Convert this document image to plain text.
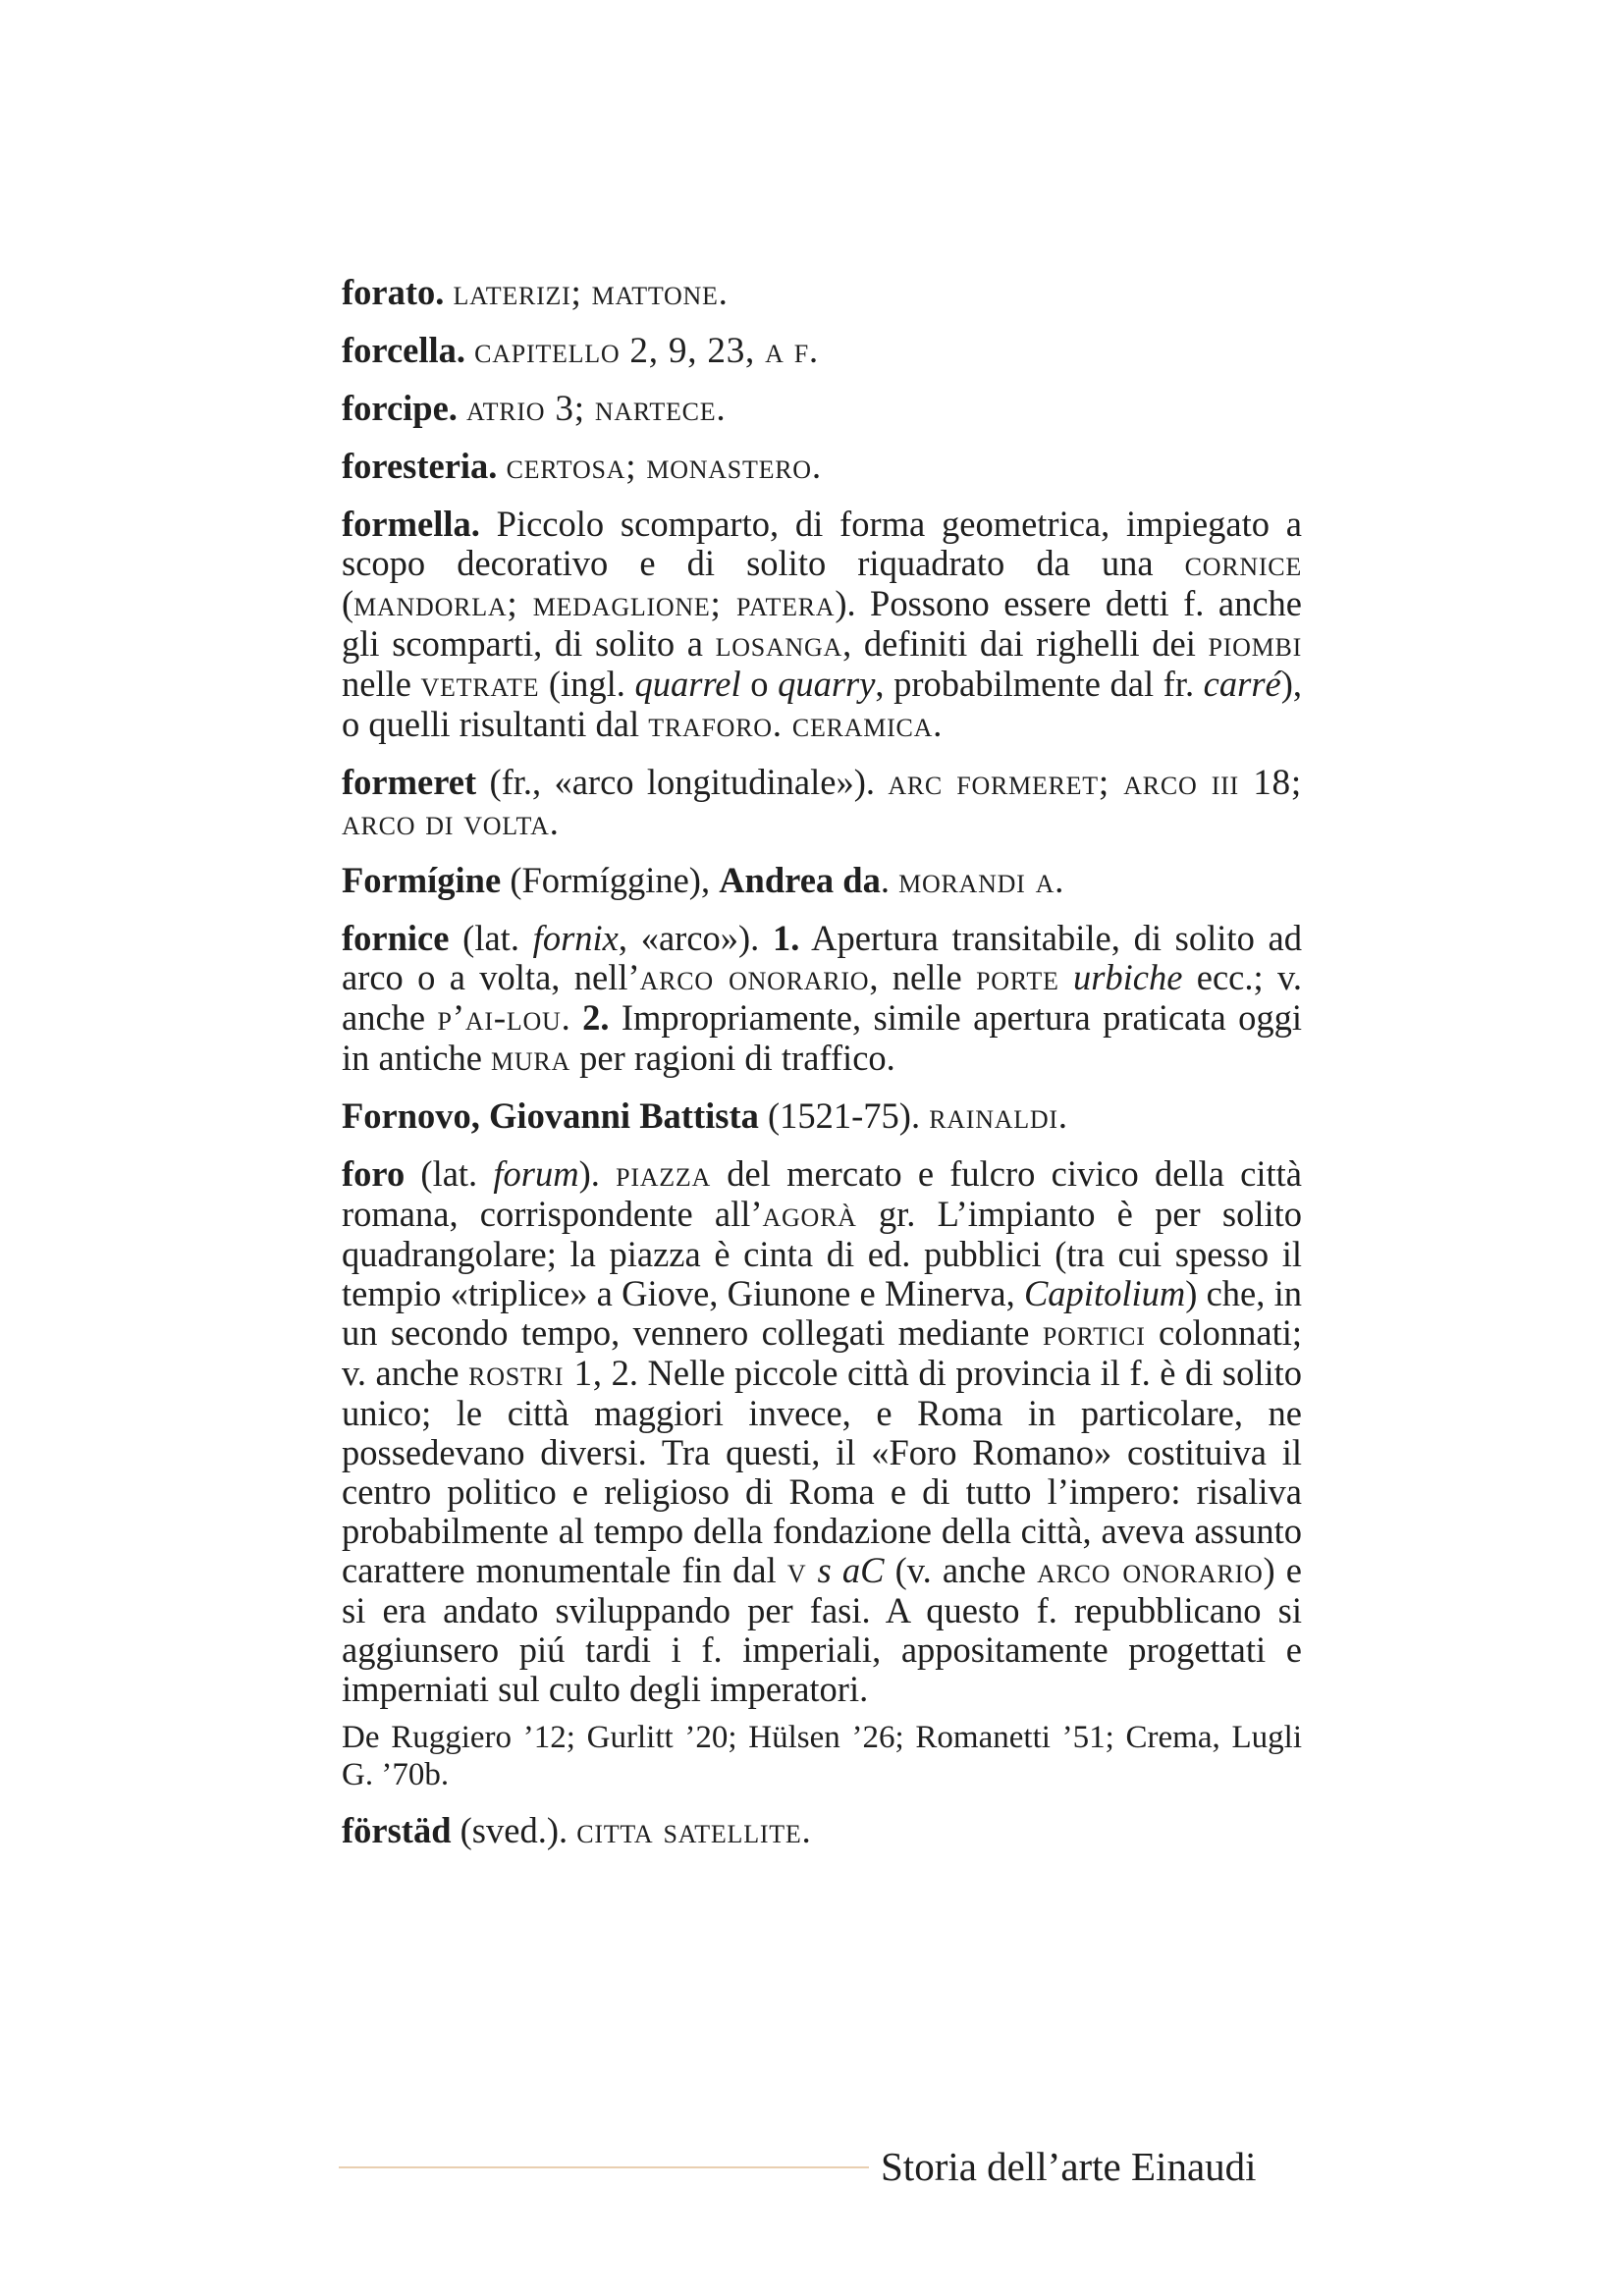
forato. laterizi; mattone.

forcella. capitello 2, 9, 23, a f.

forcipe. atrio 3; nartece.

foresteria. certosa; monastero.

formella. Piccolo scomparto, di forma geometrica, impiegato a scopo decorativo e di solito riquadrato da una cornice (mandorla; medaglione; patera). Possono essere detti f. anche gli scomparti, di solito a losanga, definiti dai righelli dei piombi nelle vetrate (ingl. quarrel o quarry, probabilmente dal fr. carré), o quelli risultanti dal traforo. ceramica.

formeret (fr., «arco longitudinale»). arc formeret; arco iii 18; arco di volta.

Formígine (Formíggine), Andrea da. morandi a.

fornice (lat. fornix, «arco»). 1. Apertura transitabile, di solito ad arco o a volta, nell’arco onorario, nelle porte urbiche ecc.; v. anche p’ai-lou. 2. Impropriamente, simile apertura praticata oggi in antiche mura per ragioni di traffico.

Fornovo, Giovanni Battista (1521-75). rainaldi.

foro (lat. forum). piazza del mercato e fulcro civico della città romana, corrispondente all’agorà gr. L’impianto è per solito quadrangolare; la piazza è cinta di ed. pubblici (tra cui spesso il tempio «triplice» a Giove, Giunone e Minerva, Capitolium) che, in un secondo tempo, vennero collegati mediante portici colonnati; v. anche rostri 1, 2. Nelle piccole città di provincia il f. è di solito unico; le città maggiori invece, e Roma in particolare, ne possedevano diversi. Tra questi, il «Foro Romano» costituiva il centro politico e religioso di Roma e di tutto l’impero: risaliva probabilmente al tempo della fondazione della città, aveva assunto carattere monumentale fin dal v s aC (v. anche arco onorario) e si era andato sviluppando per fasi. A questo f. repubblicano si aggiunsero piú tardi i f. imperiali, appositamente progettati e imperniati sul culto degli imperatori.

De Ruggiero ’12; Gurlitt ’20; Hülsen ’26; Romanetti ’51; Crema, Lugli G. ’70b.

förstäd (sved.). citta satellite.

Storia dell’arte Einaudi
